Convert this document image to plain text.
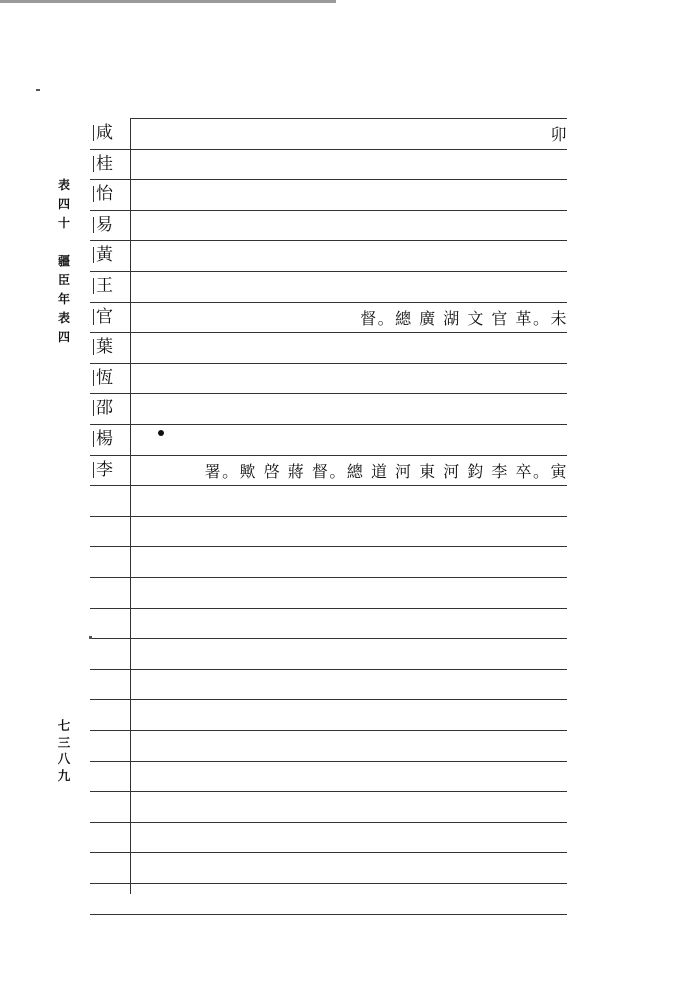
表
四
十

疆
臣
年
表
四
七
三
八
九
咸	卯
桂
怡
易
黃
王
官	督。總 廣 湖 文 官 革。未
葉
恆
邵
楊
李	署。歟 啓 蔣 督。總 道 河 東 河 鈞 李 卒。寅
